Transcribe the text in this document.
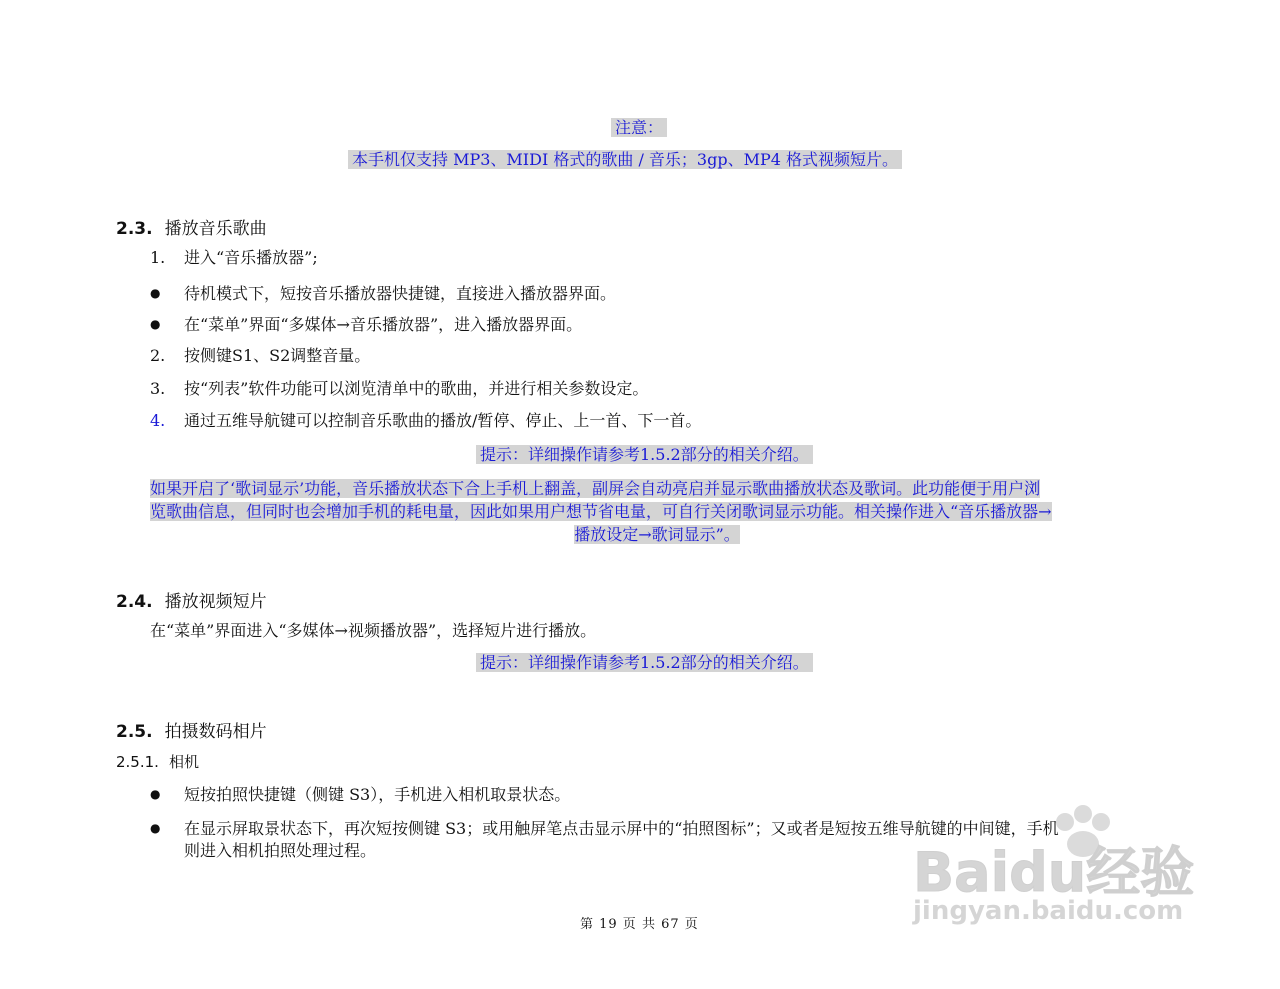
注意：
本手机仅支持 MP3、MIDI 格式的歌曲 / 音乐；3gp、MP4 格式视频短片。
2.3. 播放音乐歌曲
1. 进入“音乐播放器”;
● 待机模式下，短按音乐播放器快捷键，直接进入播放器界面。
● 在“菜单”界面“多媒体→音乐播放器”，进入播放器界面。
2. 按侧键S1、S2调整音量。
3. 按“列表”软件功能可以浏览清单中的歌曲，并进行相关参数设定。
4. 通过五维导航键可以控制音乐歌曲的播放/暂停、停止、上一首、下一首。
提示：详细操作请参考1.5.2部分的相关介绍。
如果开启了‘歌词显示’功能，音乐播放状态下合上手机上翻盖，副屏会自动亮启并显示歌曲播放状态及歌词。此功能便于用户浏
览歌曲信息，但同时也会增加手机的耗电量，因此如果用户想节省电量，可自行关闭歌词显示功能。相关操作进入“音乐播放器→
播放设定→歌词显示”。
2.4. 播放视频短片
在“菜单”界面进入“多媒体→视频播放器”，选择短片进行播放。
提示：详细操作请参考1.5.2部分的相关介绍。
2.5. 拍摄数码相片
2.5.1. 相机
● 短按拍照快捷键（侧键 S3），手机进入相机取景状态。
● 在显示屏取景状态下，再次短按侧键 S3；或用触屏笔点击显示屏中的“拍照图标”；又或者是短按五维导航键的中间键，手机
则进入相机拍照处理过程。
第 19 页 共 67 页
Baidu经验
jingyan.baidu.com
